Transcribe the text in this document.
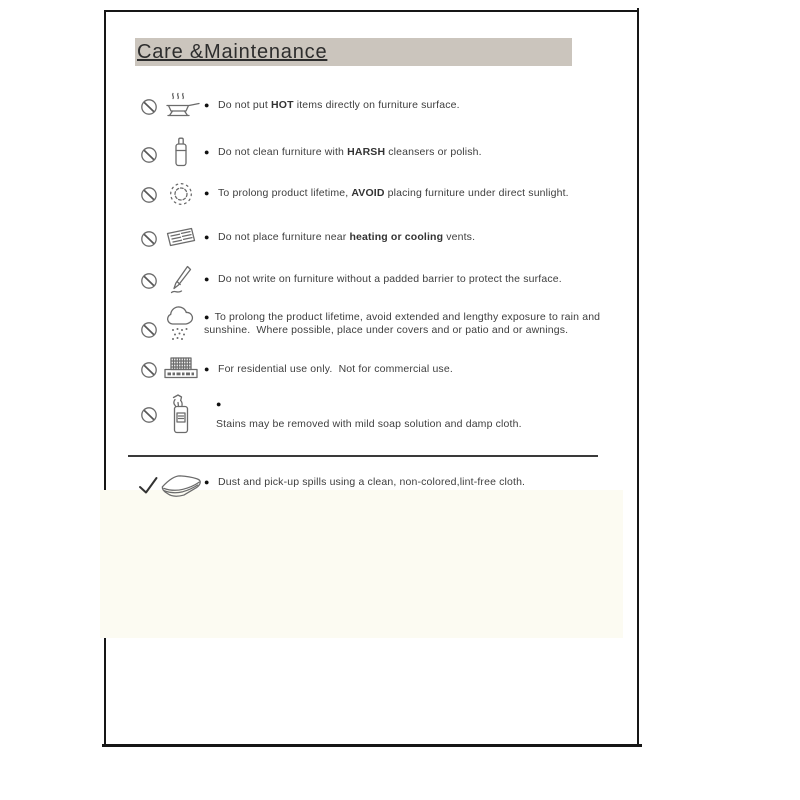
Care &Maintenance
● Do not put HOT items directly on furniture surface.
● Do not clean furniture with HARSH cleansers or polish.
● To prolong product lifetime, AVOID placing furniture under direct sunlight.
● Do not place furniture near heating or cooling vents.
● Do not write on furniture without a padded barrier to protect the surface.
● To prolong the product lifetime, avoid extended and lengthy exposure to rain and
sunshine.  Where possible, place under covers and or patio and or awnings.
● For residential use only.  Not for commercial use.
●
Stains may be removed with mild soap solution and damp cloth.
● Dust and pick-up spills using a clean, non-colored,lint-free cloth.
